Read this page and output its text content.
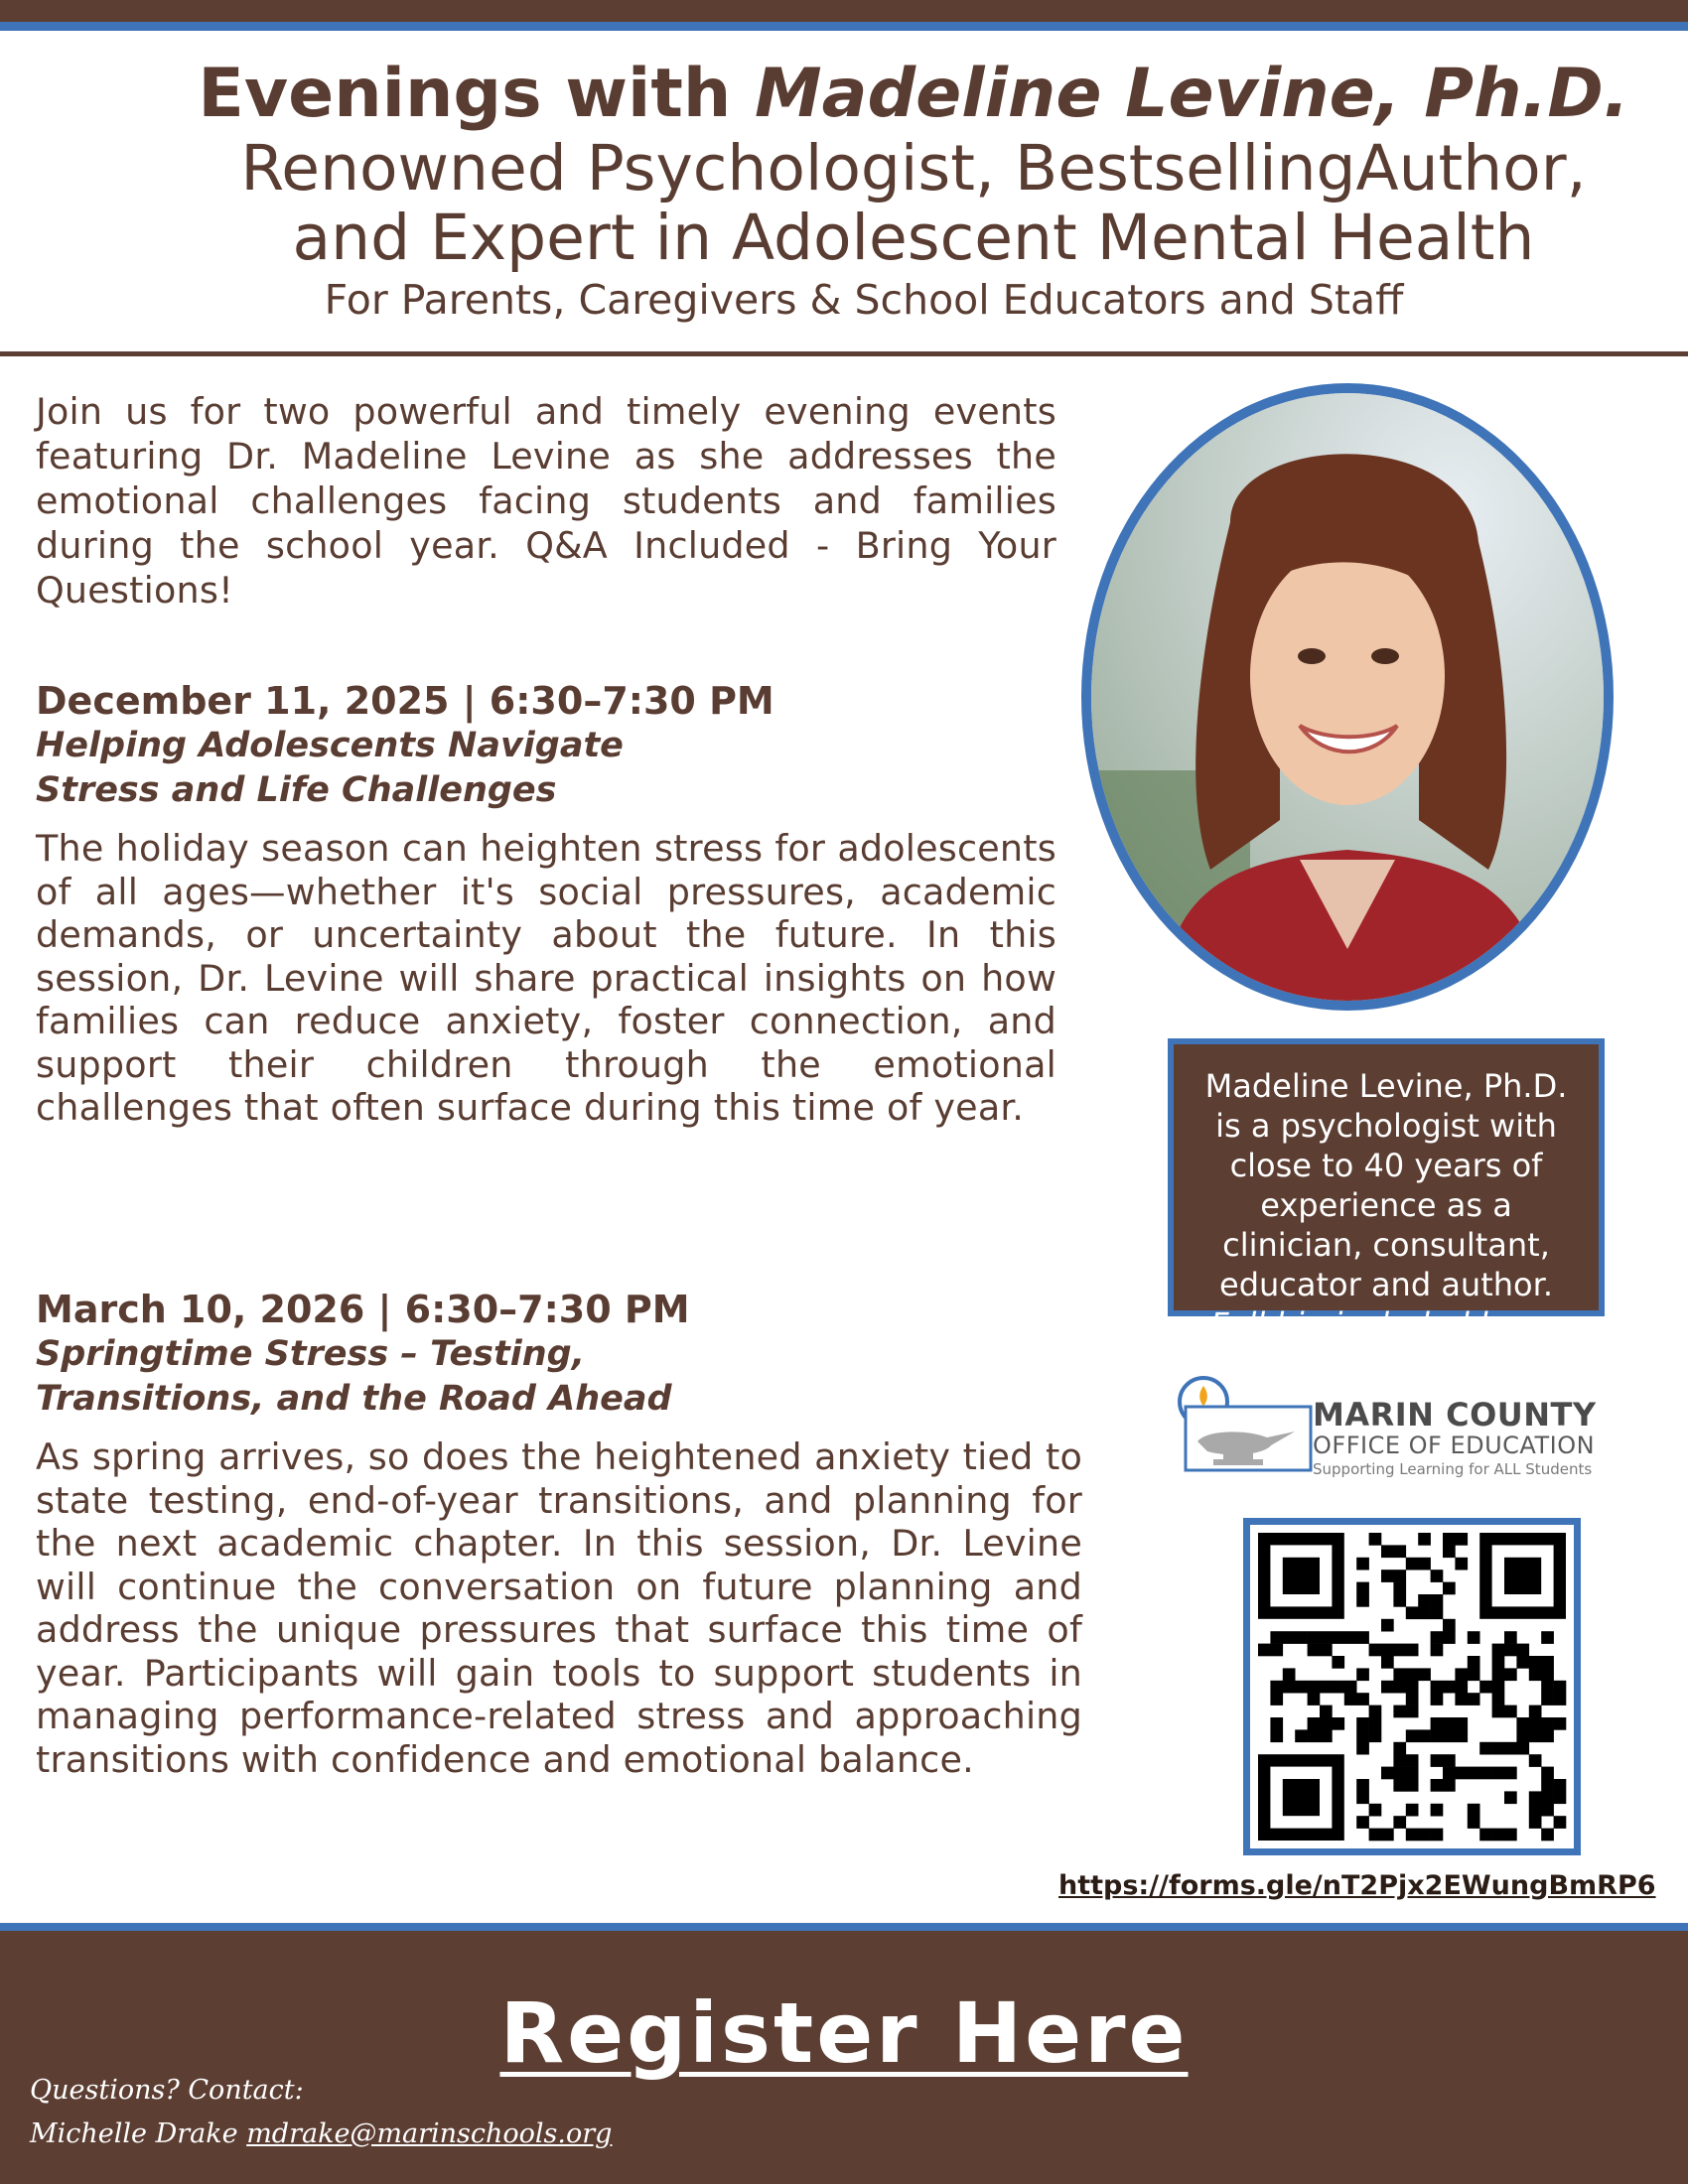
Evenings with Madeline Levine, Ph.D.
Renowned Psychologist, BestsellingAuthor,
and Expert in Adolescent Mental Health
For Parents, Caregivers & School Educators and Staff

Join us for two powerful and timely evening events featuring Dr. Madeline Levine as she addresses the emotional challenges facing students and families during the school year. Q&A Included - Bring Your Questions!

December 11, 2025 | 6:30–7:30 PM

Helping Adolescents Navigate

Stress and Life Challenges

The holiday season can heighten stress for adolescents of all ages—whether it's social pressures, academic demands, or uncertainty about the future. In this session, Dr. Levine will share practical insights on how families can reduce anxiety, foster connection, and support their children through the emotional challenges that often surface during this time of year.

March 10, 2026 | 6:30–7:30 PM

Springtime Stress – Testing,

Transitions, and the Road Ahead

As spring arrives, so does the heightened anxiety tied to state testing, end-of-year transitions, and planning for the next academic chapter. In this session, Dr. Levine will continue the conversation on future planning and address the unique pressures that surface this time of year. Participants will gain tools to support students in managing performance-related stress and approaching transitions with confidence and emotional balance.

Madeline Levine, Ph.D. is a psychologist with close to 40 years of experience as a clinician, consultant, educator and author. Full bio included here.
MARIN COUNTY
OFFICE OF EDUCATION
Supporting Learning for ALL Students
https://forms.gle/nT2Pjx2EWungBmRP6
Register Here
Questions? Contact:
Michelle Drake mdrake@marinschools.org
